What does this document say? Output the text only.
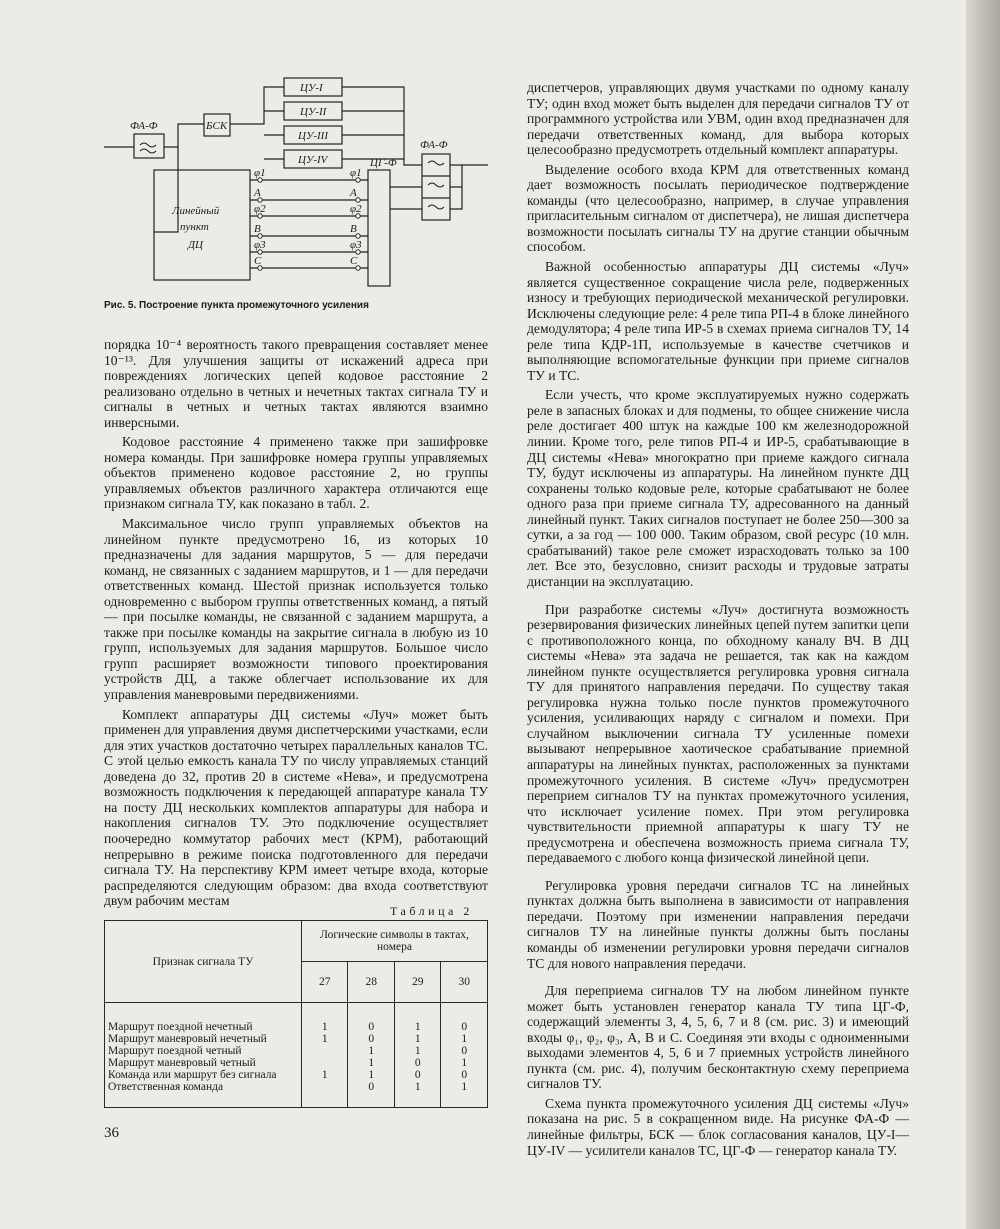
ФА-Ф	БСК
ЦУ-I
ЦУ-II
ЦУ-III
ЦУ-IV	ЦГ-Ф
ФА-Ф
Линейный
пункт
ДЦ
φ1
А
φ2
В
φ3
С
φ1
А
φ2
В
φ3
С
Рис. 5. Построение пункта промежуточного усиления

порядка 10⁻⁴ вероятность такого превращения составляет менее 10⁻¹³. Для улучшения защиты от искажений адреса при повреждениях логических цепей кодовое расстояние 2 реализовано отдельно в четных и нечетных тактах сигнала ТУ и сигналы в четных и четных тактах являются взаимно инверсными.

Кодовое расстояние 4 применено также при зашифровке номера команды. При зашифровке номера группы управляемых объектов применено кодовое расстояние 2, но группы управляемых объектов различного характера отличаются еще признаком сигнала ТУ, как показано в табл. 2.

Максимальное число групп управляемых объектов на линейном пункте предусмотрено 16, из которых 10 предназначены для задания маршрутов, 5 — для передачи команд, не связанных с заданием маршрутов, и 1 — для передачи ответственных команд. Шестой признак используется только одновременно с выбором группы ответственных команд, а пятый — при посылке команды, не связанной с заданием маршрута, а также при посылке команды на закрытие сигнала в любую из 10 групп, используемых для задания маршрутов. Большое число групп расширяет возможности типового проектирования устройств ДЦ, а также облегчает использование их для управления маневровыми передвижениями.

Комплект аппаратуры ДЦ системы «Луч» может быть применен для управления двумя диспетчерскими участками, если для этих участков достаточно четырех параллельных каналов ТС. С этой целью емкость канала ТУ по числу управляемых станций доведена до 32, против 20 в системе «Нева», и предусмотрена возможность подключения к передающей аппаратуре канала ТУ на посту ДЦ нескольких комплектов аппаратуры для набора и накопления сигналов ТУ. Это подключение осуществляет поочередно коммутатор рабочих мест (КРМ), работающий непрерывно в режиме поиска подготовленного для передачи сигнала ТУ. На перспективу КРМ имеет четыре входа, которые распределяются следующим образом: два входа соответствуют двум рабочим местам

Таблица 2
Признак сигнала ТУ	Логические символы в тактах, номера			
	27	28	29	30
Маршрут поездной нечетный	1	0	1	0
Маршрут маневровый нечетный	1	0	1	1
Маршрут поездной четный		1	1	0
Маршрут маневровый четный		1	0	1
Команда или маршрут без сигнала	1	1	0	0
Ответственная команда		0	1	1

диспетчеров, управляющих двумя участками по одному каналу ТУ; один вход может быть выделен для передачи сигналов ТУ от программного устройства или УВМ, один вход предназначен для передачи ответственных команд, для выбора которых целесообразно предусмотреть отдельный комплект аппаратуры.

Выделение особого входа КРМ для ответственных команд дает возможность посылать периодическое подтверждение команды (что целесообразно, например, в случае управления пригласительным сигналом от диспетчера), не лишая диспетчера возможности посылать сигналы ТУ на другие станции обычным способом.

Важной особенностью аппаратуры ДЦ системы «Луч» является существенное сокращение числа реле, подверженных износу и требующих периодической механической регулировки. Исключены следующие реле: 4 реле типа РП-4 в блоке линейного демодулятора; 4 реле типа ИР-5 в схемах приема сигналов ТУ, 14 реле типа КДР-1П, используемые в качестве счетчиков и выполняющие вспомогательные функции при приеме сигналов ТУ и ТС.

Если учесть, что кроме эксплуатируемых нужно содержать реле в запасных блоках и для подмены, то общее снижение числа реле достигает 400 штук на каждые 100 км железнодорожной линии. Кроме того, реле типов РП-4 и ИР-5, срабатывающие в ДЦ системы «Нева» многократно при приеме каждого сигнала ТУ, будут исключены из аппаратуры. На линейном пункте ДЦ сохранены только кодовые реле, которые срабатывают не более одного раза при приеме сигнала ТУ, адресованного на данный линейный пункт. Таких сигналов поступает не более 250—300 за сутки, а за год — 100 000. Таким образом, свой ресурс (10 млн. срабатываний) такое реле сможет израсходовать только за 100 лет. Все это, безусловно, снизит расходы и трудовые затраты дистанции на эксплуатацию.

При разработке системы «Луч» достигнута возможность резервирования физических линейных цепей путем запитки цепи с противоположного конца, по обходному каналу ВЧ. В ДЦ системы «Нева» эта задача не решается, так как на каждом линейном пункте осуществляется регулировка уровня сигнала ТУ для принятого направления передачи. По существу такая регулировка нужна только после пунктов промежуточного усиления, усиливающих наряду с сигналом и помехи. При случайном выключении сигнала ТУ усиленные помехи вызывают непрерывное хаотическое срабатывание приемной аппаратуры на линейных пунктах, расположенных за пунктами промежуточного усиления. В системе «Луч» предусмотрен переприем сигналов ТУ на пунктах промежуточного усиления, что исключает усиление помех. При этом регулировка чувствительности приемной аппаратуры к шагу ТУ не предусмотрена и обеспечена возможность приема сигнала ТУ, передаваемого с любого конца физической линейной цепи.

Регулировка уровня передачи сигналов ТС на линейных пунктах должна быть выполнена в зависимости от направления передачи. Поэтому при изменении направления передачи сигналов ТУ на линейные пункты должны быть посланы команды об изменении регулировки уровня передачи сигналов ТС для нового направления передачи.

Для переприема сигналов ТУ на любом линейном пункте может быть установлен генератор канала ТУ типа ЦГ-Ф, содержащий элементы 3, 4, 5, 6, 7 и 8 (см. рис. 3) и имеющий входы φ₁, φ₂, φ₃, А, В и С. Соединяя эти входы с одноименными выходами элементов 4, 5, 6 и 7 приемных устройств линейного пункта (см. рис. 4), получим бесконтактную схему переприема сигналов ТУ.

Схема пункта промежуточного усиления ДЦ системы «Луч» показана на рис. 5 в сокращенном виде. На рисунке ФА-Ф — линейные фильтры, БСК — блок согласования каналов, ЦУ-I—ЦУ-IV — усилители каналов ТС, ЦГ-Ф — генератор канала ТУ.

36
